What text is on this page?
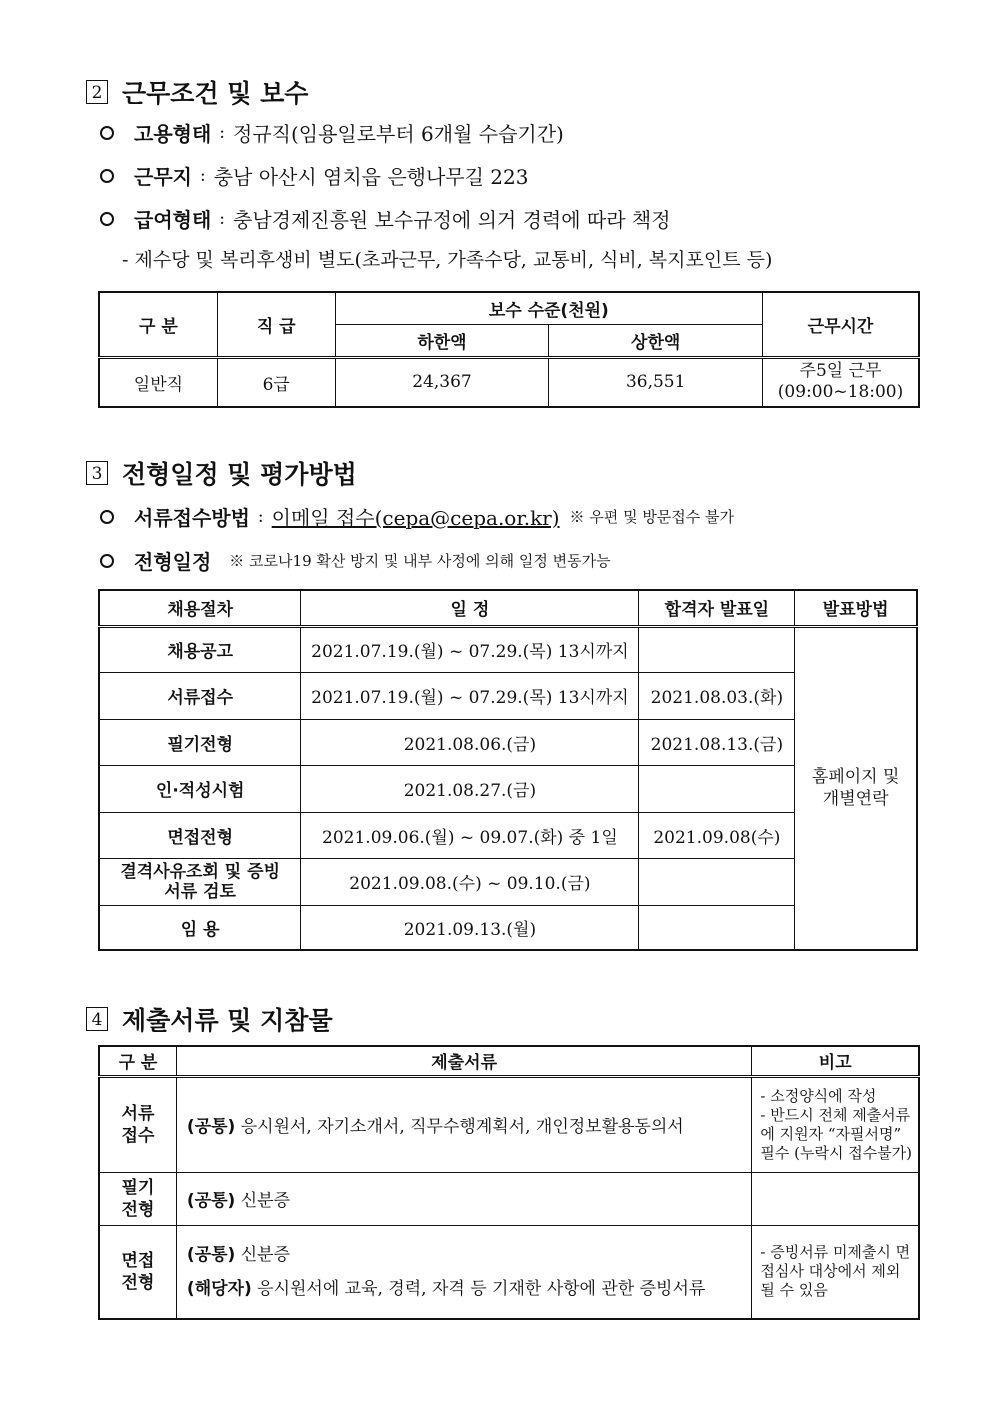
2 근무조건 및 보수
고용형태 : 정규직(임용일로부터 6개월 수습기간)
근무지 : 충남 아산시 염치읍 은행나무길 223
급여형태 : 충남경제진흥원 보수규정에 의거 경력에 따라 책정
- 제수당 및 복리후생비 별도(초과근무, 가족수당, 교통비, 식비, 복지포인트 등)
구 분	직 급	보수 수준(천원)		근무시간
		하한액	상한액	
일반직	6급	24,367	36,551	주5일 근무
(09:00~18:00)
3 전형일정 및 평가방법
서류접수방법 : 이메일 접수(cepa@cepa.or.kr) ※ 우편 및 방문접수 불가
전형일정 ※ 코로나19 확산 방지 및 내부 사정에 의해 일정 변동가능
채용절차	일 정	합격자 발표일	발표방법
채용공고	2021.07.19.(월) ~ 07.29.(목) 13시까지		홈페이지 및 개별연락
서류접수	2021.07.19.(월) ~ 07.29.(목) 13시까지	2021.08.03.(화)	
필기전형	2021.08.06.(금)	2021.08.13.(금)	
인·적성시험	2021.08.27.(금)		
면접전형	2021.09.06.(월) ~ 09.07.(화) 중 1일	2021.09.08(수)	
결격사유조회 및 증빙서류 검토	2021.09.08.(수) ~ 09.10.(금)		
임 용	2021.09.13.(월)		
4 제출서류 및 지참물
구 분	제출서류	비고
서류 접수	(공통) 응시원서, 자기소개서, 직무수행계획서, 개인정보활용동의서	- 소정양식에 작성
- 반드시 전체 제출서류에 지원자 “자필서명” 필수 (누락시 접수불가)

필기 전형	(공통) 신분증	
면접 전형	(공통) 신분증
(해당자) 응시원서에 교육, 경력, 자격 등 기재한 사항에 관한 증빙서류	- 증빙서류 미제출시 면접심사 대상에서 제외 될 수 있음
